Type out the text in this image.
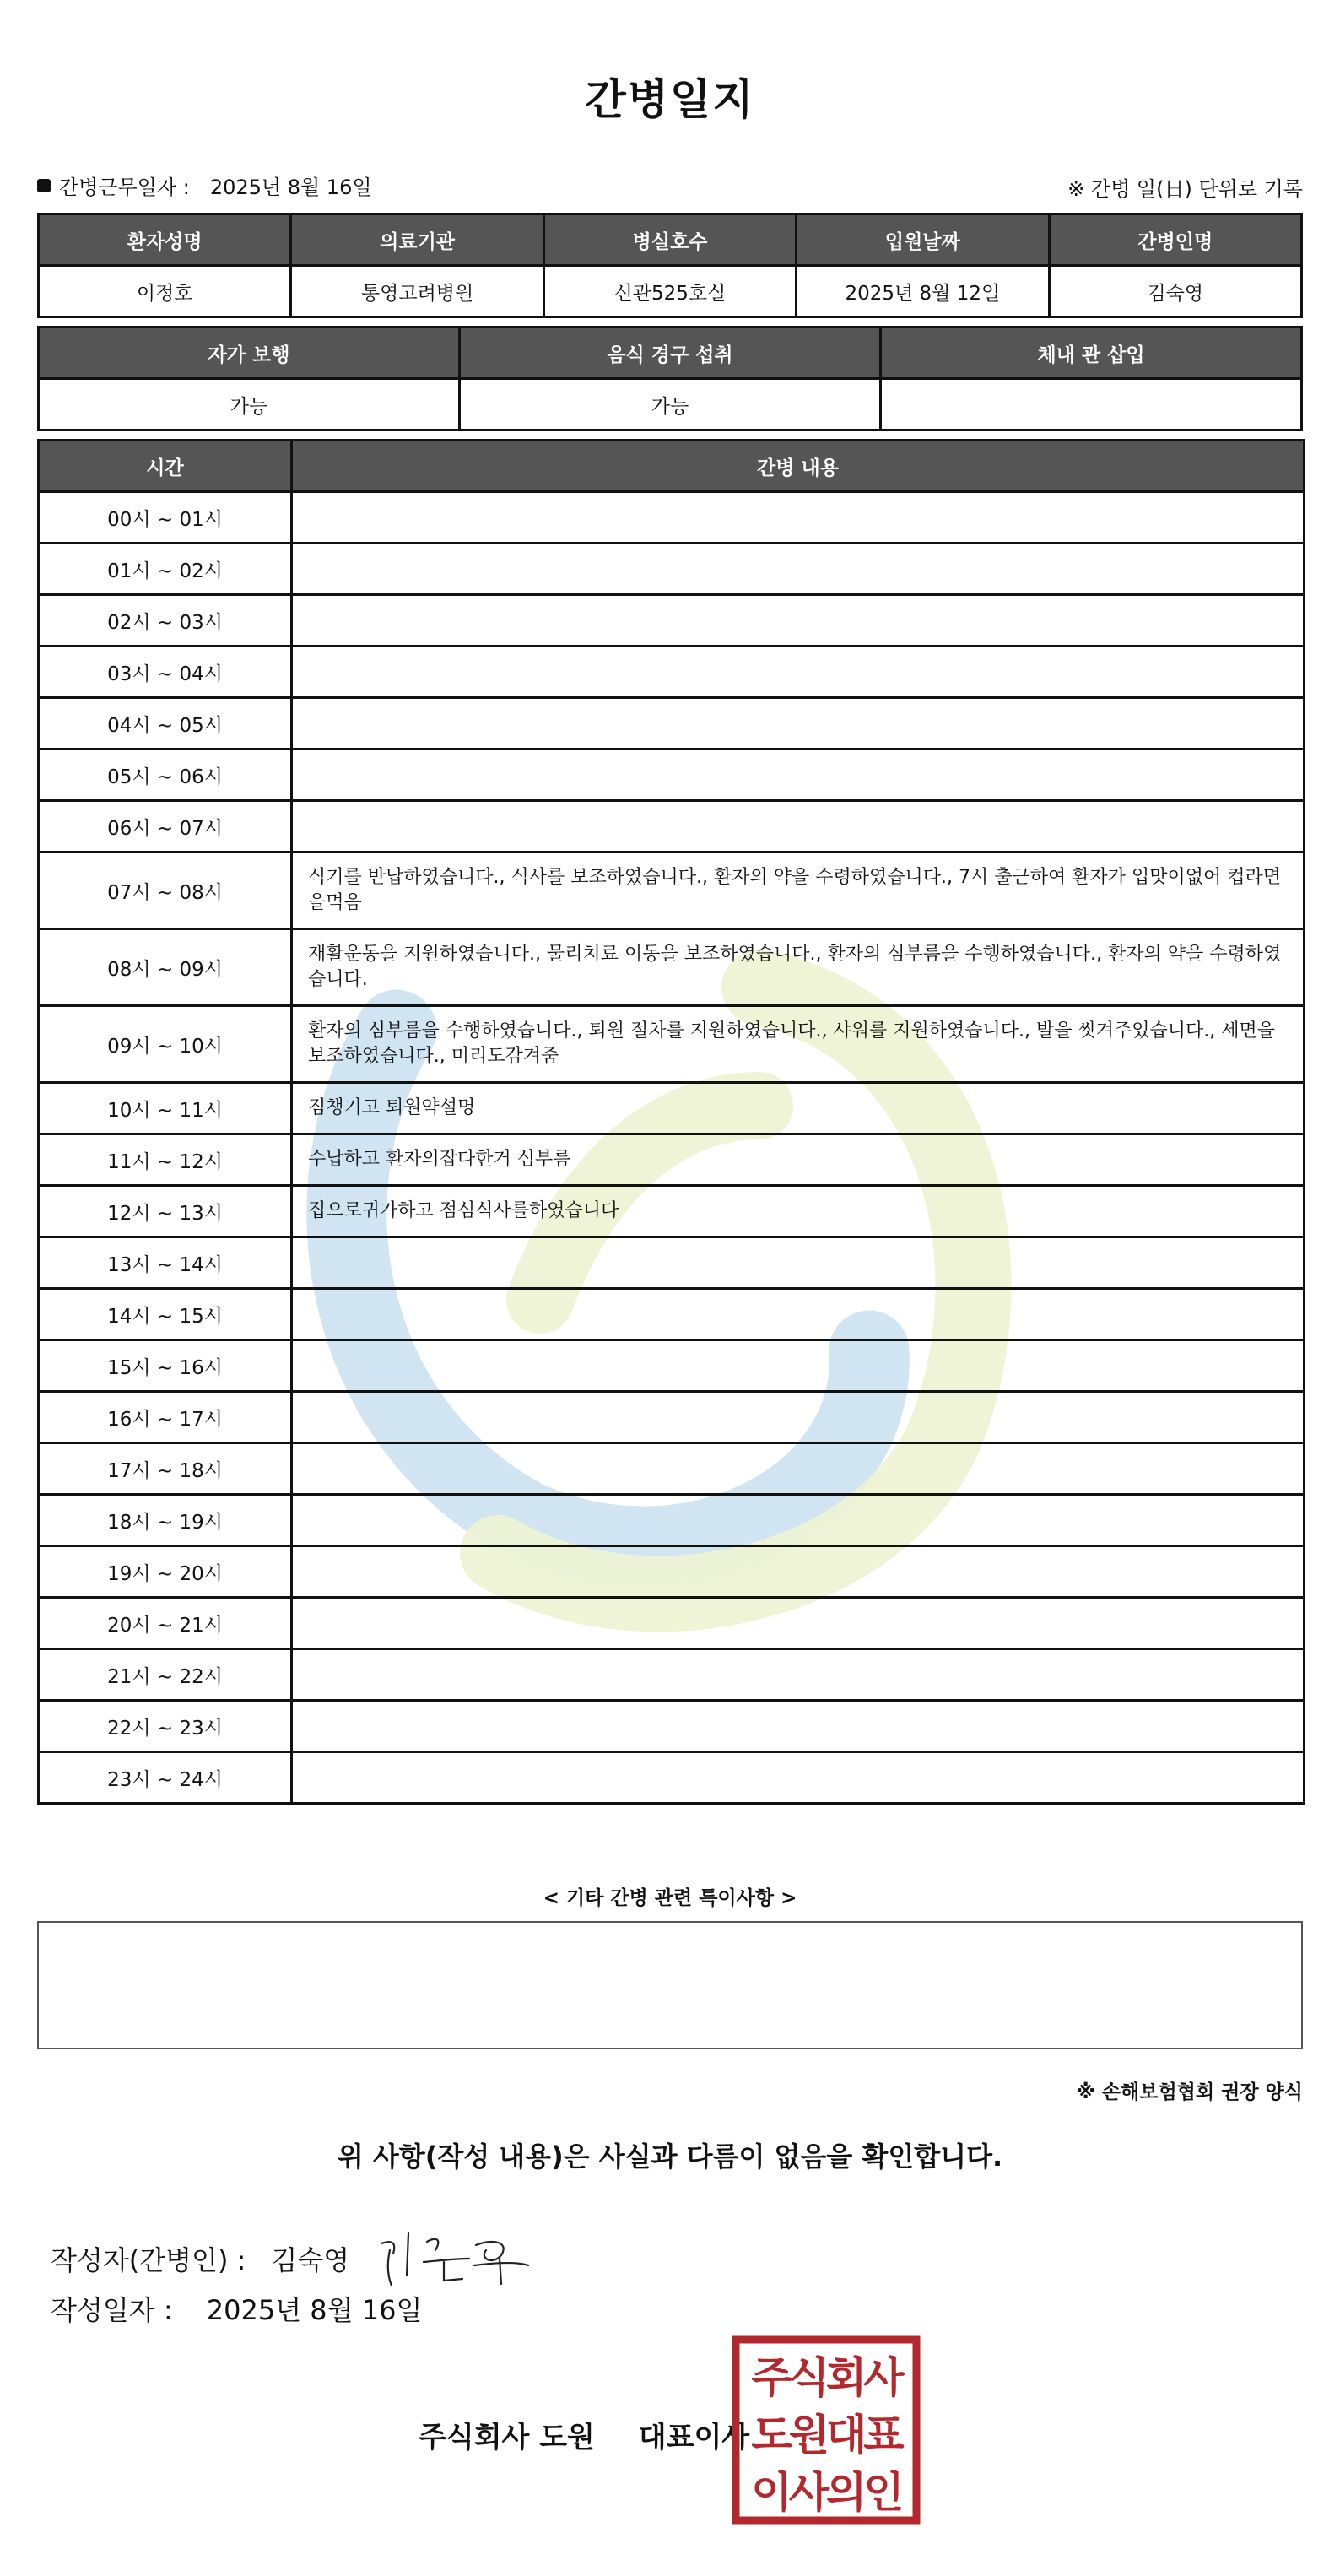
간병일지
간병근무일자 : 2025년 8월 16일	※ 간병 일(日) 단위로 기록
환자성명	의료기관	병실호수	입원날짜	간병인명
이정호	통영고려병원	신관525호실	2025년 8월 12일	김숙영
자가 보행	음식 경구 섭취	체내 관 삽입
가능	가능	
시간	간병 내용
00시 ~ 01시	
01시 ~ 02시	
02시 ~ 03시	
03시 ~ 04시	
04시 ~ 05시	
05시 ~ 06시	
06시 ~ 07시	
07시 ~ 08시	식기를 반납하였습니다., 식사를 보조하였습니다., 환자의 약을 수령하였습니다., 7시 출근하여 환자가 입맛이없어 컵라면을먹음
08시 ~ 09시	재활운동을 지원하였습니다., 물리치료 이동을 보조하였습니다., 환자의 심부름을 수행하였습니다., 환자의 약을 수령하였습니다.
09시 ~ 10시	환자의 심부름을 수행하였습니다., 퇴원 절차를 지원하였습니다., 샤워를 지원하였습니다., 발을 씻겨주었습니다., 세면을 보조하였습니다., 머리도감겨줌
10시 ~ 11시	짐챙기고 퇴원약설명
11시 ~ 12시	수납하고 환자의잡다한거 심부름
12시 ~ 13시	집으로귀가하고 점심식사를하였습니다
13시 ~ 14시	
14시 ~ 15시	
15시 ~ 16시	
16시 ~ 17시	
17시 ~ 18시	
18시 ~ 19시	
19시 ~ 20시	
20시 ~ 21시	
21시 ~ 22시	
22시 ~ 23시	
23시 ~ 24시	
< 기타 간병 관련 특이사항 >
※ 손해보험협회 권장 양식
위 사항(작성 내용)은 사실과 다름이 없음을 확인합니다.
작성자(간병인) : 김숙영
작성일자 : 2025년 8월 16일
주식회사 도원 대표이사
주식회사
도원대표
이사의인
